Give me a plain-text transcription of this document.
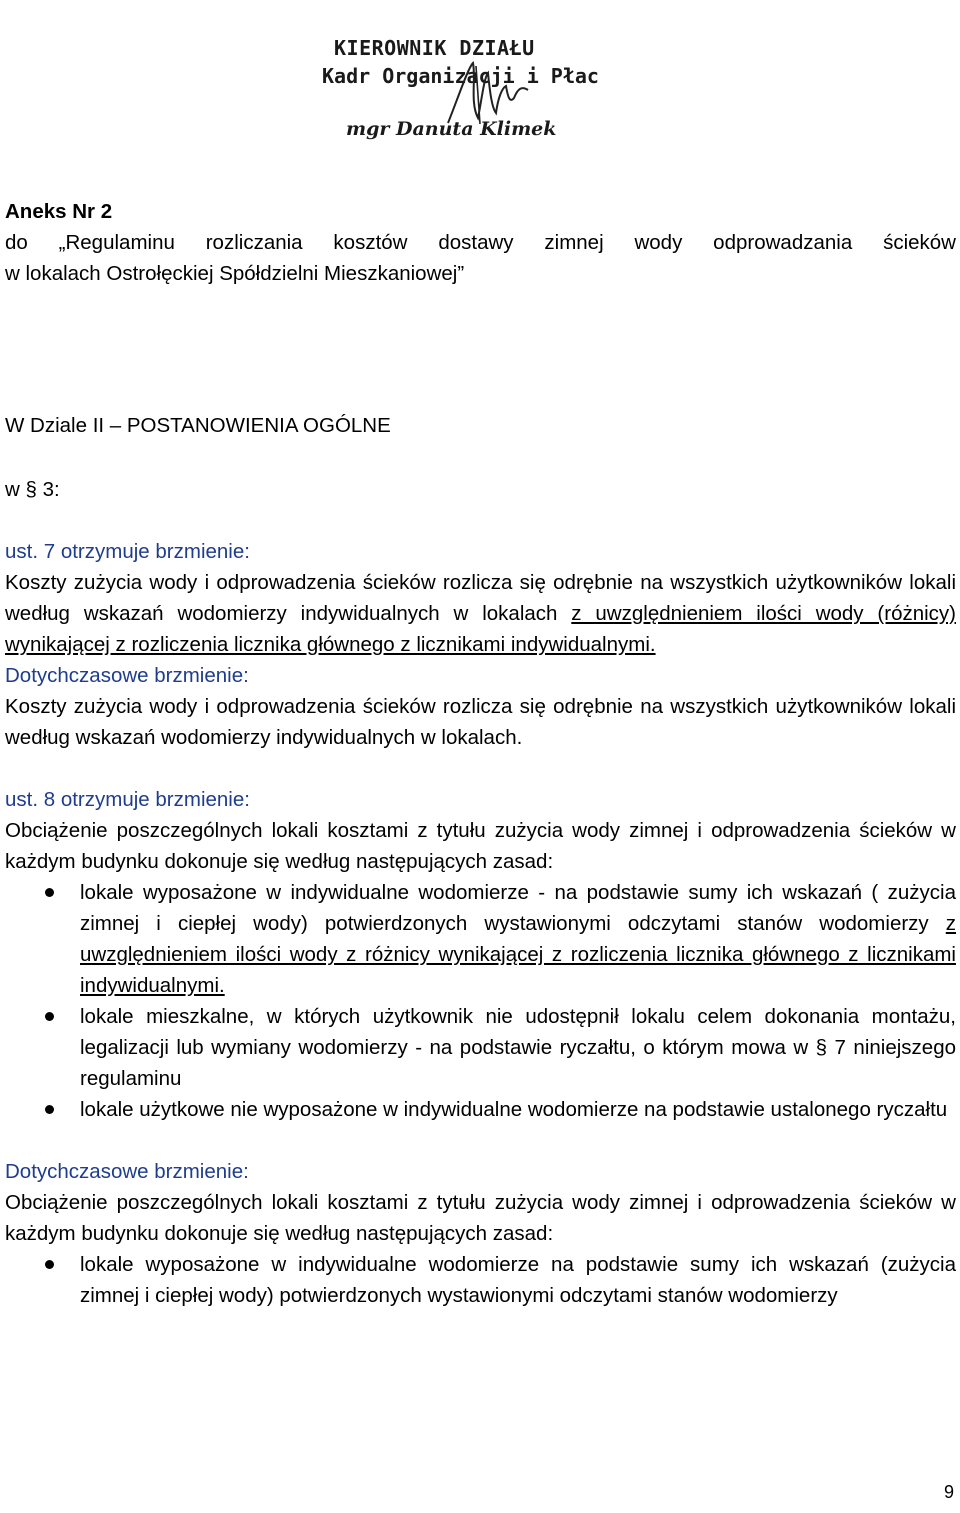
KIEROWNIK DZIAŁU
Kadr Organizacji i Płac
mgr Danuta Klimek

Aneks Nr 2

do „Regulaminu rozliczania kosztów dostawy zimnej wody odprowadzania ścieków

w lokalach Ostrołęckiej Spółdzielni Mieszkaniowej”

W Dziale II – POSTANOWIENIA OGÓLNE

w § 3:

ust. 7 otrzymuje brzmienie:

Koszty zużycia wody i odprowadzenia ścieków rozlicza się odrębnie na wszystkich użytkowników lokali według wskazań wodomierzy indywidualnych w lokalach z uwzględnieniem ilości wody (różnicy) wynikającej z rozliczenia licznika głównego z licznikami indywidualnymi.

Dotychczasowe brzmienie:

Koszty zużycia wody i odprowadzenia ścieków rozlicza się odrębnie na wszystkich użytkowników lokali według wskazań wodomierzy indywidualnych w lokalach.

ust. 8 otrzymuje brzmienie:

Obciążenie poszczególnych lokali kosztami z tytułu zużycia wody zimnej i odprowadzenia ścieków w każdym budynku dokonuje się według następujących zasad:

lokale wyposażone w indywidualne wodomierze - na podstawie sumy ich wskazań ( zużycia zimnej i ciepłej wody) potwierdzonych wystawionymi odczytami stanów wodomierzy z uwzględnieniem ilości wody z różnicy wynikającej z rozliczenia licznika głównego z licznikami indywidualnymi.
lokale mieszkalne, w których użytkownik nie udostępnił lokalu celem dokonania montażu, legalizacji lub wymiany wodomierzy - na podstawie ryczałtu, o którym mowa w § 7 niniejszego regulaminu
lokale użytkowe nie wyposażone w indywidualne wodomierze na podstawie ustalonego ryczałtu

Dotychczasowe brzmienie:

Obciążenie poszczególnych lokali kosztami z tytułu zużycia wody zimnej i odprowadzenia ścieków w każdym budynku dokonuje się według następujących zasad:

lokale wyposażone w indywidualne wodomierze na podstawie sumy ich wskazań (zużycia zimnej i ciepłej wody) potwierdzonych wystawionymi odczytami stanów wodomierzy
9
